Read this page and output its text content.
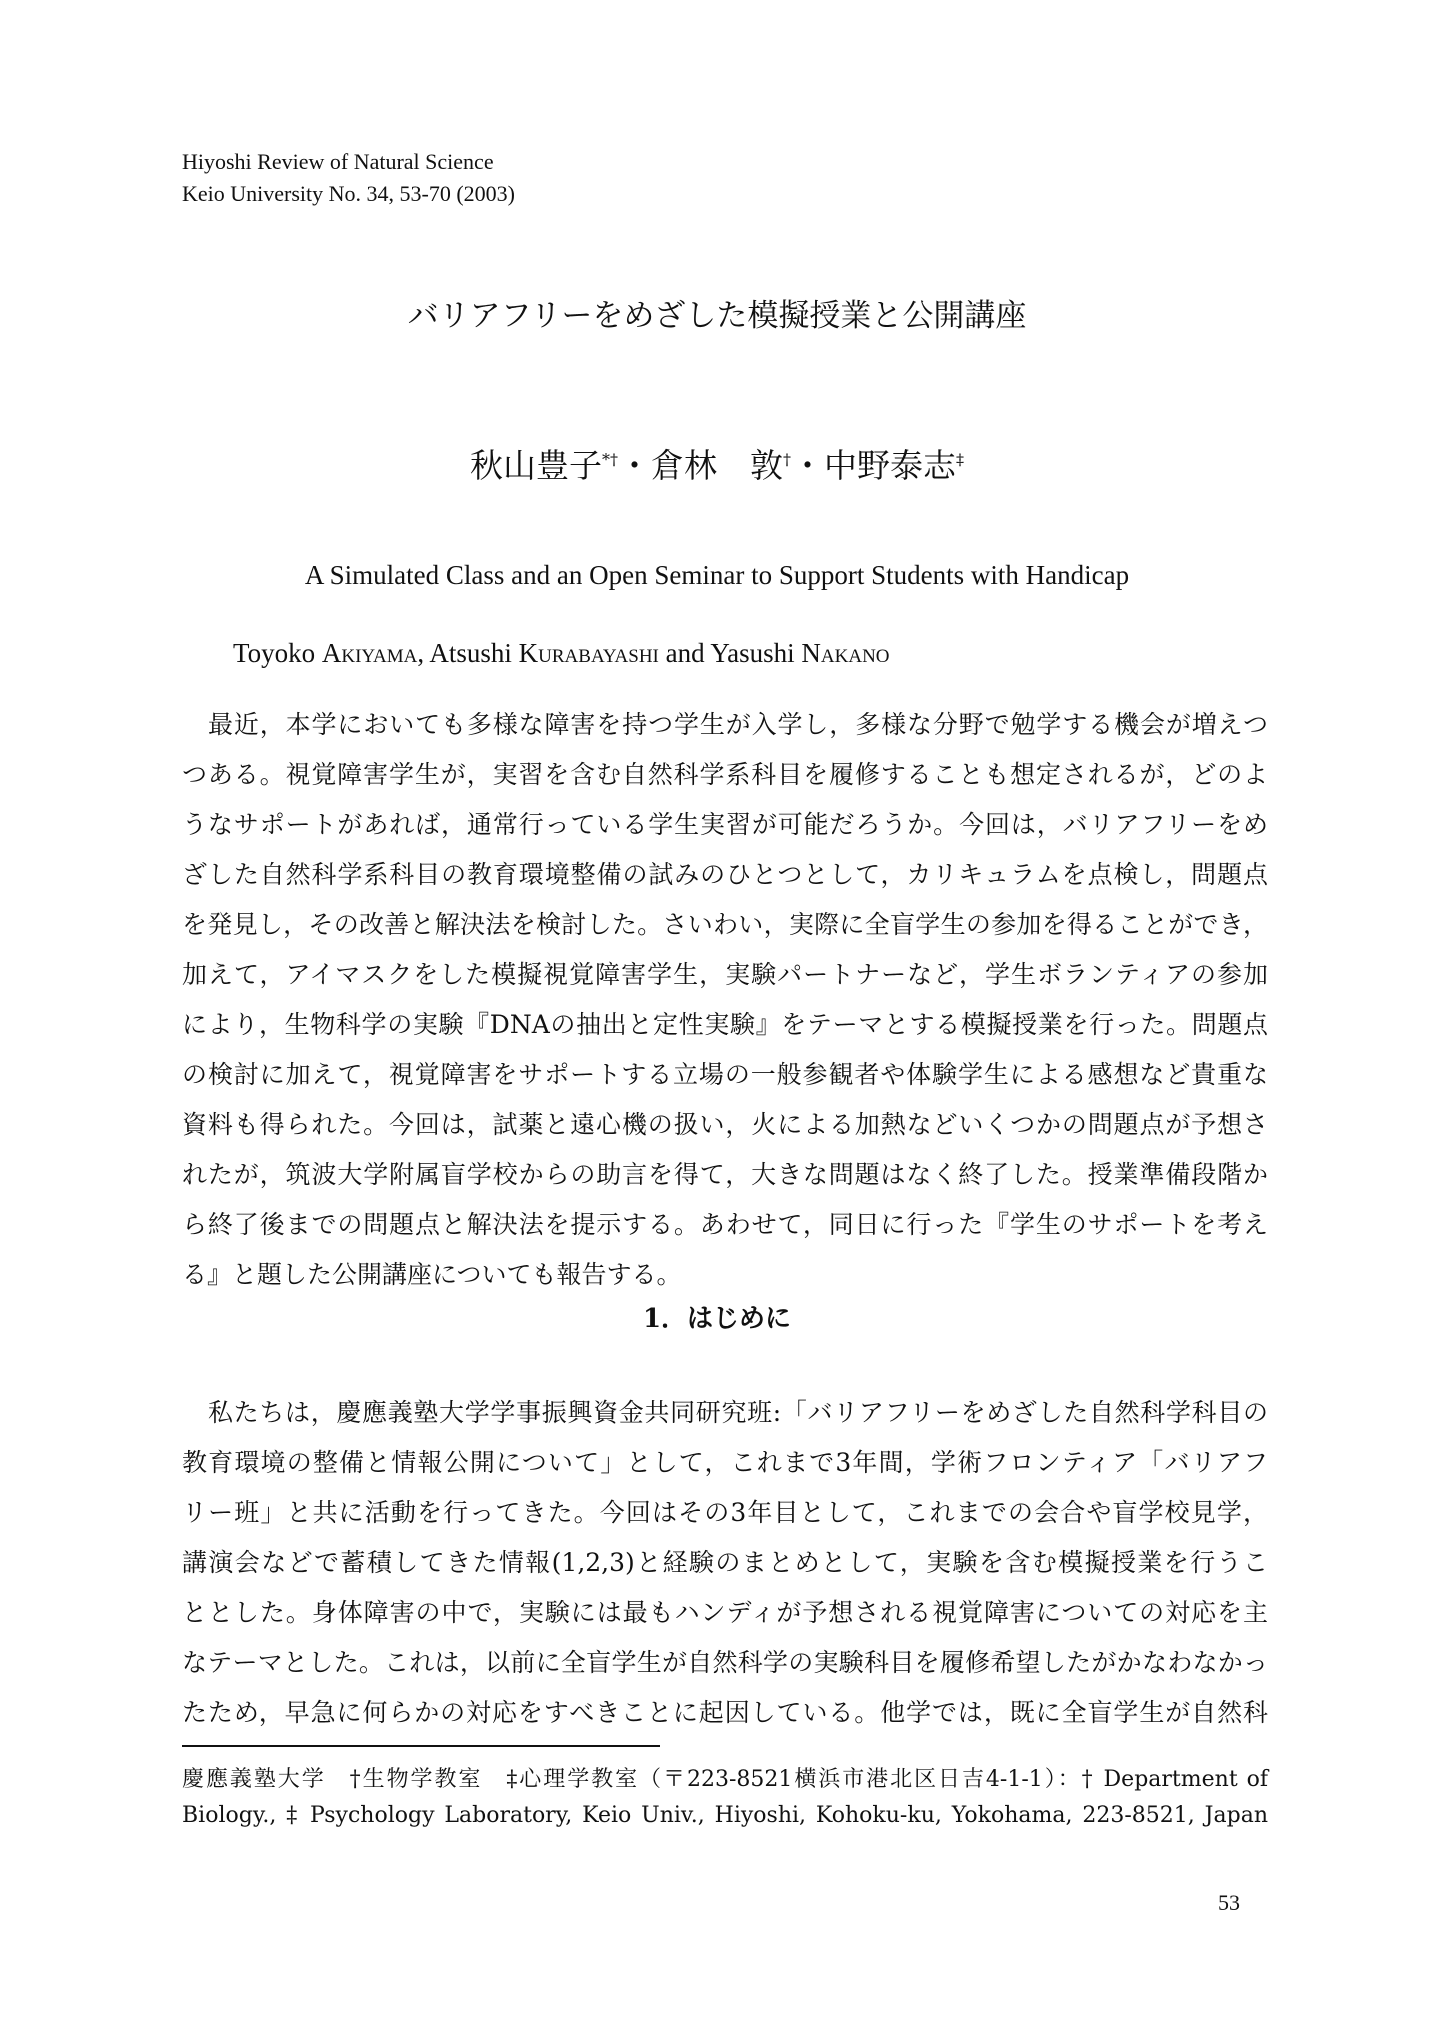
Hiyoshi Review of Natural Science
Keio University No. 34, 53-70 (2003)
バリアフリーをめざした模擬授業と公開講座
秋山豊子*†・倉林　敦†・中野泰志‡
A Simulated Class and an Open Seminar to Support Students with Handicap
Toyoko Akiyama, Atsushi Kurabayashi and Yasushi Nakano
最近，本学においても多様な障害を持つ学生が入学し，多様な分野で勉学する機会が増えつ
つある。視覚障害学生が，実習を含む自然科学系科目を履修することも想定されるが，どのよ
うなサポートがあれば，通常行っている学生実習が可能だろうか。今回は，バリアフリーをめ
ざした自然科学系科目の教育環境整備の試みのひとつとして，カリキュラムを点検し，問題点
を発見し，その改善と解決法を検討した。さいわい，実際に全盲学生の参加を得ることができ，
加えて，アイマスクをした模擬視覚障害学生，実験パートナーなど，学生ボランティアの参加
により，生物科学の実験『DNAの抽出と定性実験』をテーマとする模擬授業を行った。問題点
の検討に加えて，視覚障害をサポートする立場の一般参観者や体験学生による感想など貴重な
資料も得られた。今回は，試薬と遠心機の扱い，火による加熱などいくつかの問題点が予想さ
れたが，筑波大学附属盲学校からの助言を得て，大きな問題はなく終了した。授業準備段階か
ら終了後までの問題点と解決法を提示する。あわせて，同日に行った『学生のサポートを考え
る』と題した公開講座についても報告する。
1．はじめに
私たちは，慶應義塾大学学事振興資金共同研究班:「バリアフリーをめざした自然科学科目の
教育環境の整備と情報公開について」として，これまで3年間，学術フロンティア「バリアフ
リー班」と共に活動を行ってきた。今回はその3年目として，これまでの会合や盲学校見学，
講演会などで蓄積してきた情報(1,2,3)と経験のまとめとして，実験を含む模擬授業を行うこ
ととした。身体障害の中で，実験には最もハンディが予想される視覚障害についての対応を主
なテーマとした。これは，以前に全盲学生が自然科学の実験科目を履修希望したがかなわなかっ
たため，早急に何らかの対応をすべきことに起因している。他学では，既に全盲学生が自然科
慶應義塾大学　†生物学教室　‡心理学教室（〒223-8521横浜市港北区日吉4-1-1）：† Department of
Biology., ‡ Psychology Laboratory, Keio Univ., Hiyoshi, Kohoku-ku, Yokohama, 223-8521, Japan
53
